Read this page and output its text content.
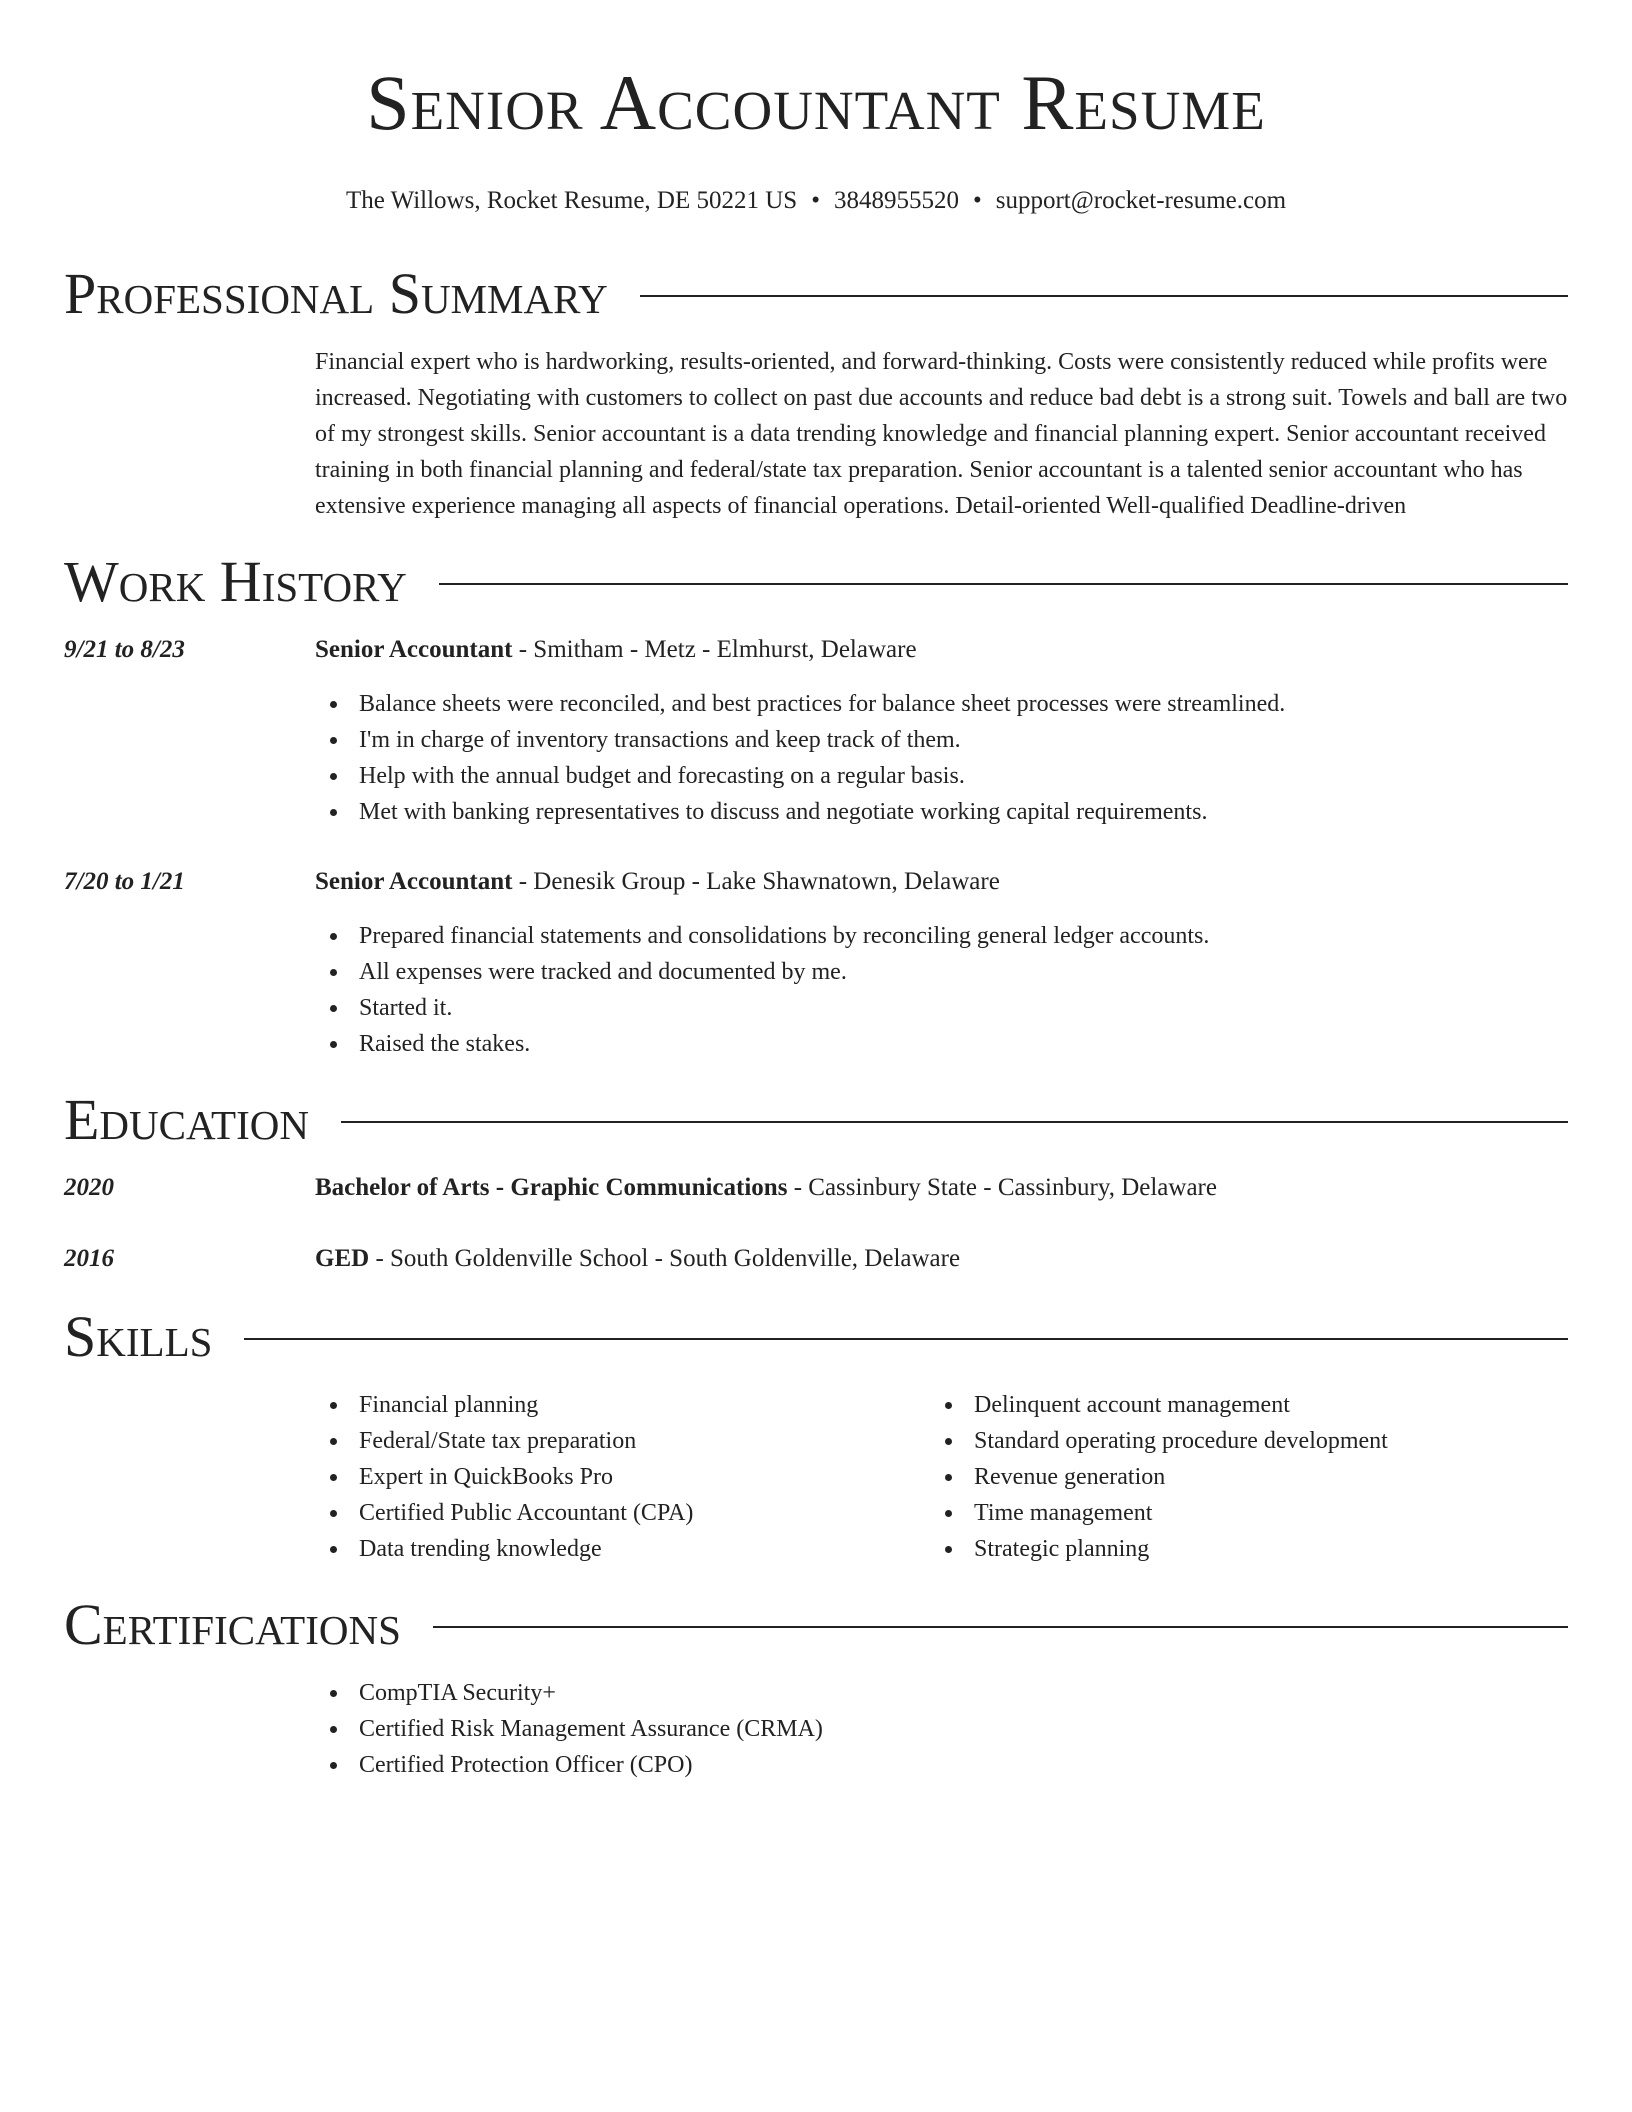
Senior Accountant Resume
The Willows, Rocket Resume, DE 50221 US • 3848955520 • support@rocket-resume.com
Professional Summary
Financial expert who is hardworking, results-oriented, and forward-thinking. Costs were consistently reduced while profits were increased. Negotiating with customers to collect on past due accounts and reduce bad debt is a strong suit. Towels and ball are two of my strongest skills. Senior accountant is a data trending knowledge and financial planning expert. Senior accountant received training in both financial planning and federal/state tax preparation. Senior accountant is a talented senior accountant who has extensive experience managing all aspects of financial operations. Detail-oriented Well-qualified Deadline-driven
Work History
9/21 to 8/23	Senior Accountant - Smitham - Metz - Elmhurst, Delaware
Balance sheets were reconciled, and best practices for balance sheet processes were streamlined.
I'm in charge of inventory transactions and keep track of them.
Help with the annual budget and forecasting on a regular basis.
Met with banking representatives to discuss and negotiate working capital requirements.
7/20 to 1/21	Senior Accountant - Denesik Group - Lake Shawnatown, Delaware
Prepared financial statements and consolidations by reconciling general ledger accounts.
All expenses were tracked and documented by me.
Started it.
Raised the stakes.
Education
2020	Bachelor of Arts - Graphic Communications - Cassinbury State - Cassinbury, Delaware
2016	GED - South Goldenville School - South Goldenville, Delaware
Skills
Financial planning
Federal/State tax preparation
Expert in QuickBooks Pro
Certified Public Accountant (CPA)
Data trending knowledge
Delinquent account management
Standard operating procedure development
Revenue generation
Time management
Strategic planning
Certifications
CompTIA Security+
Certified Risk Management Assurance (CRMA)
Certified Protection Officer (CPO)
